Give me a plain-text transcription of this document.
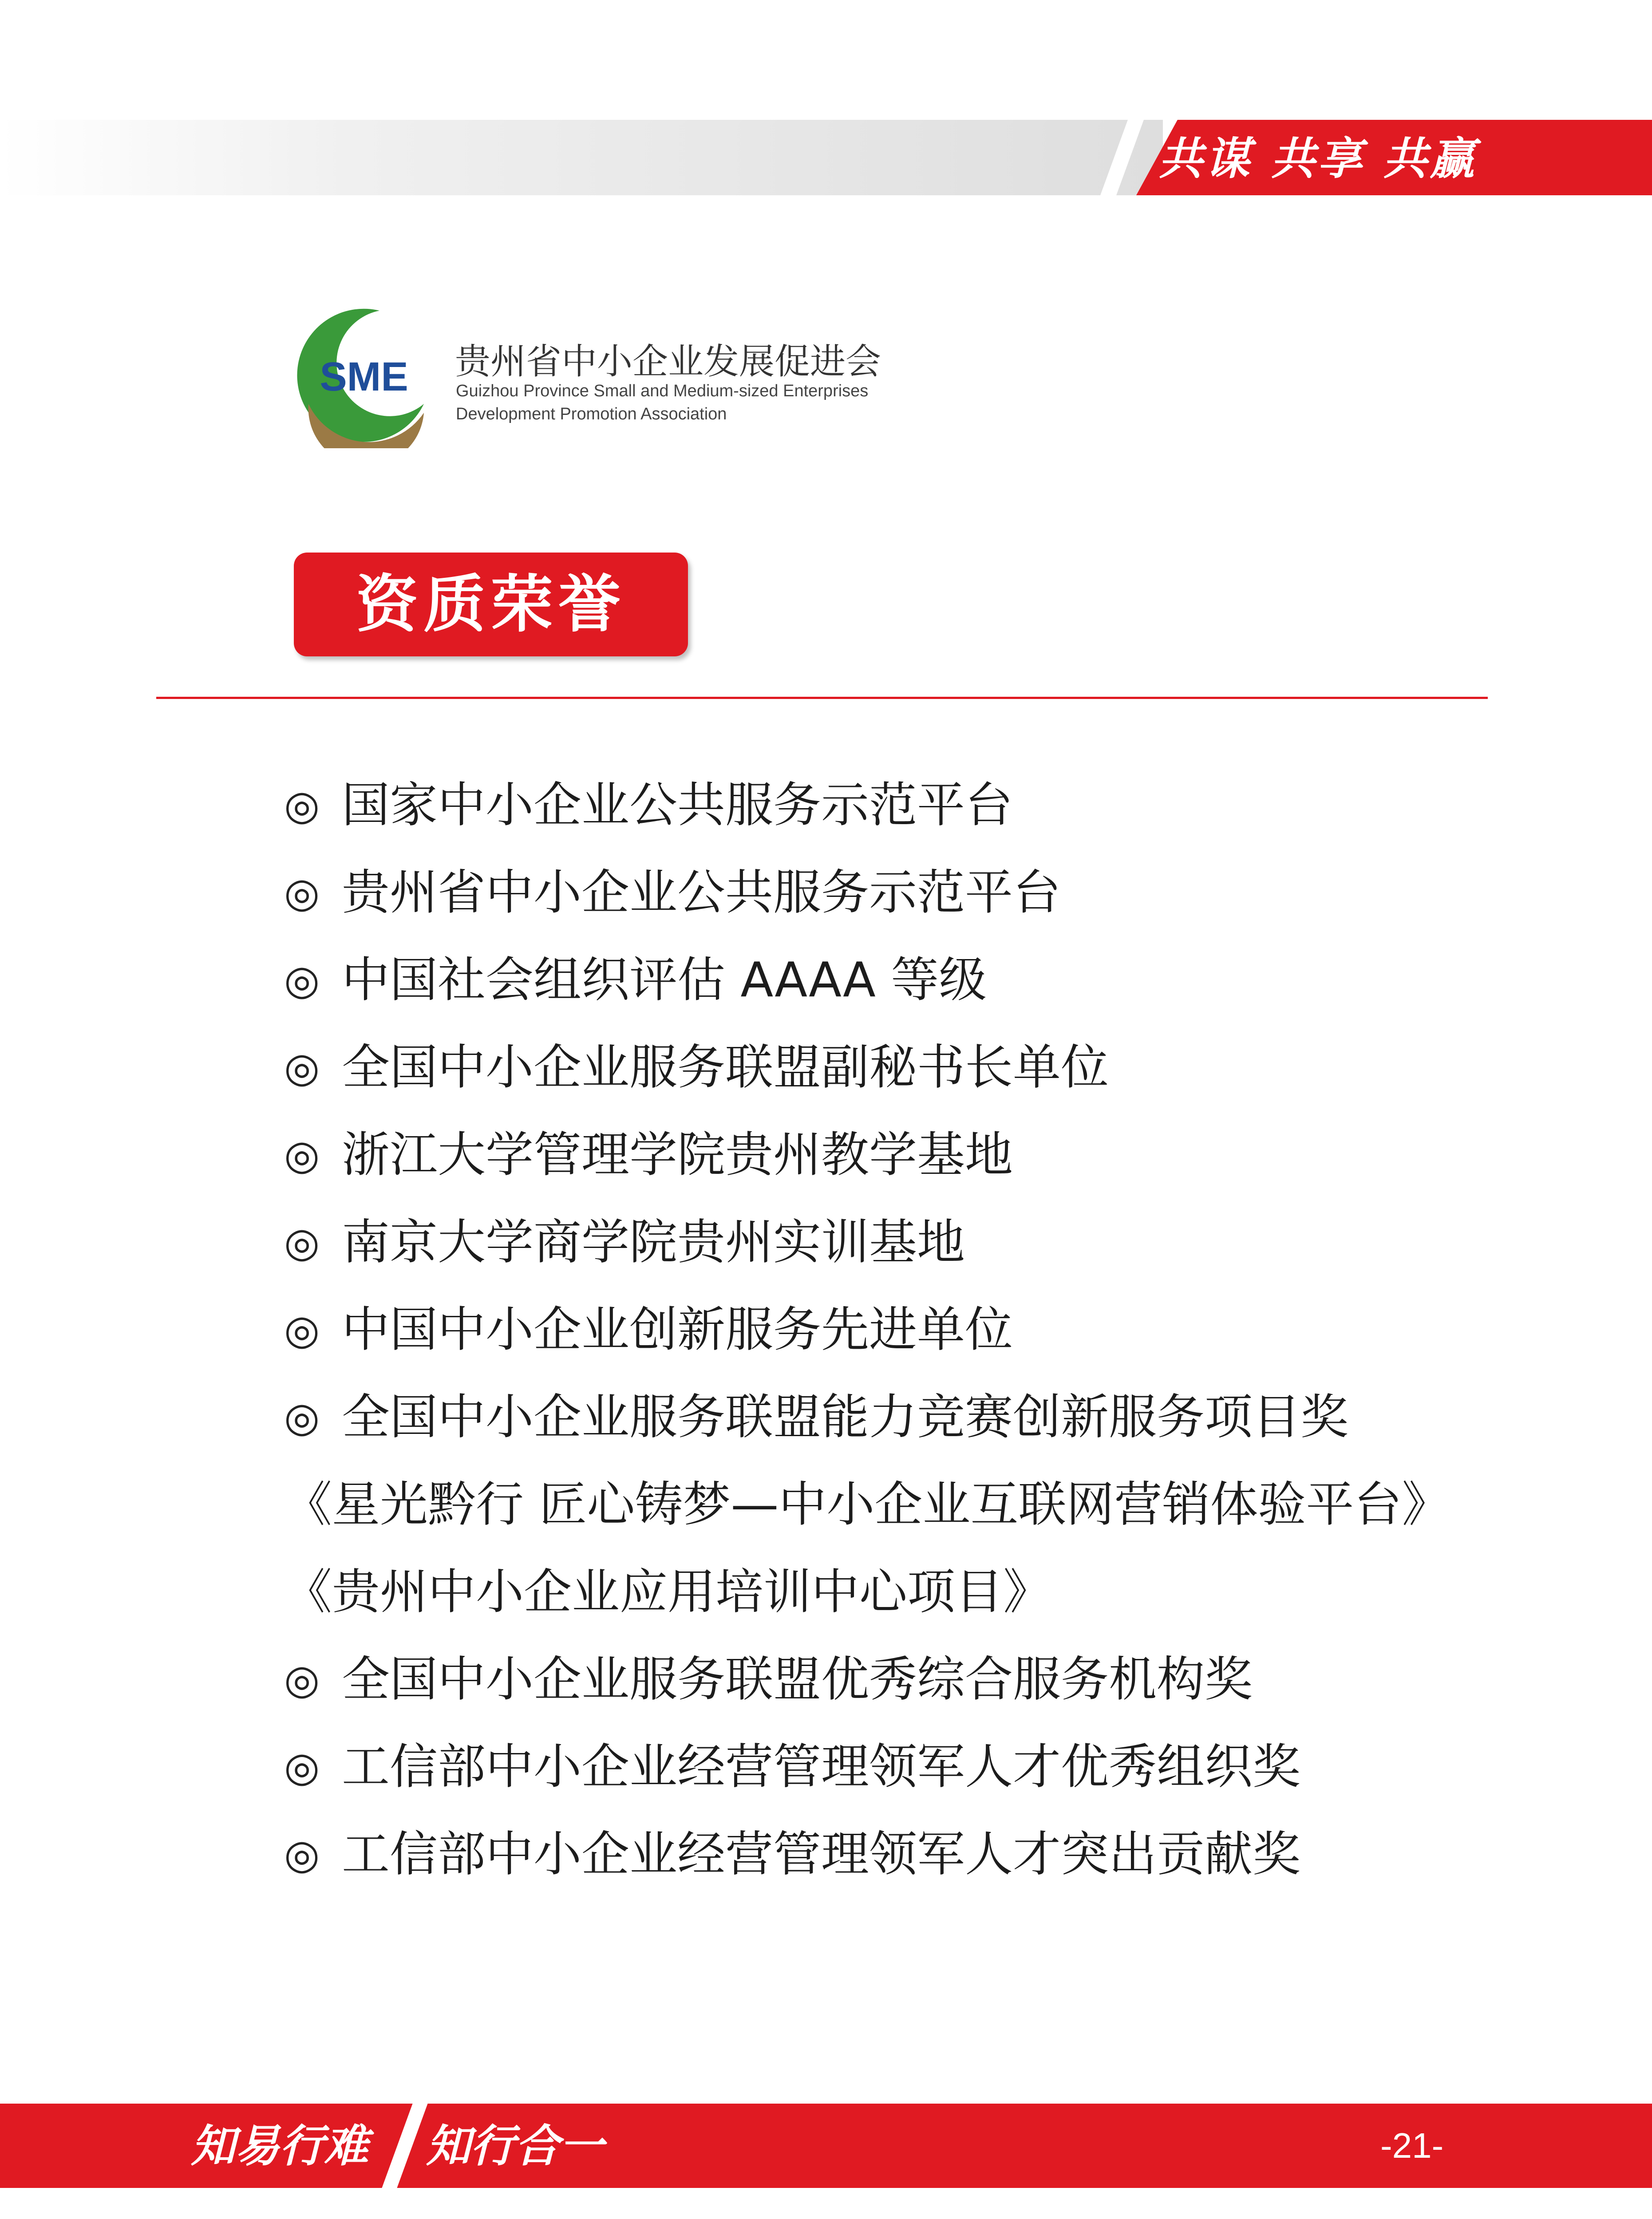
共谋 共享 共赢
SME 贵州省中小企业发展促进会
Guizhou Province Small and Medium-sized Enterprises
Development Promotion Association
资质荣誉
◎ 国家中小企业公共服务示范平台
◎ 贵州省中小企业公共服务示范平台
◎ 中国社会组织评估 AAAA 等级
◎ 全国中小企业服务联盟副秘书长单位
◎ 浙江大学管理学院贵州教学基地
◎ 南京大学商学院贵州实训基地
◎ 中国中小企业创新服务先进单位
◎ 全国中小企业服务联盟能力竞赛创新服务项目奖
《星光黔行 匠心铸梦—中小企业互联网营销体验平台》
《贵州中小企业应用培训中心项目》
◎ 全国中小企业服务联盟优秀综合服务机构奖
◎ 工信部中小企业经营管理领军人才优秀组织奖
◎ 工信部中小企业经营管理领军人才突出贡献奖
知易行难 知行合一	-21-
